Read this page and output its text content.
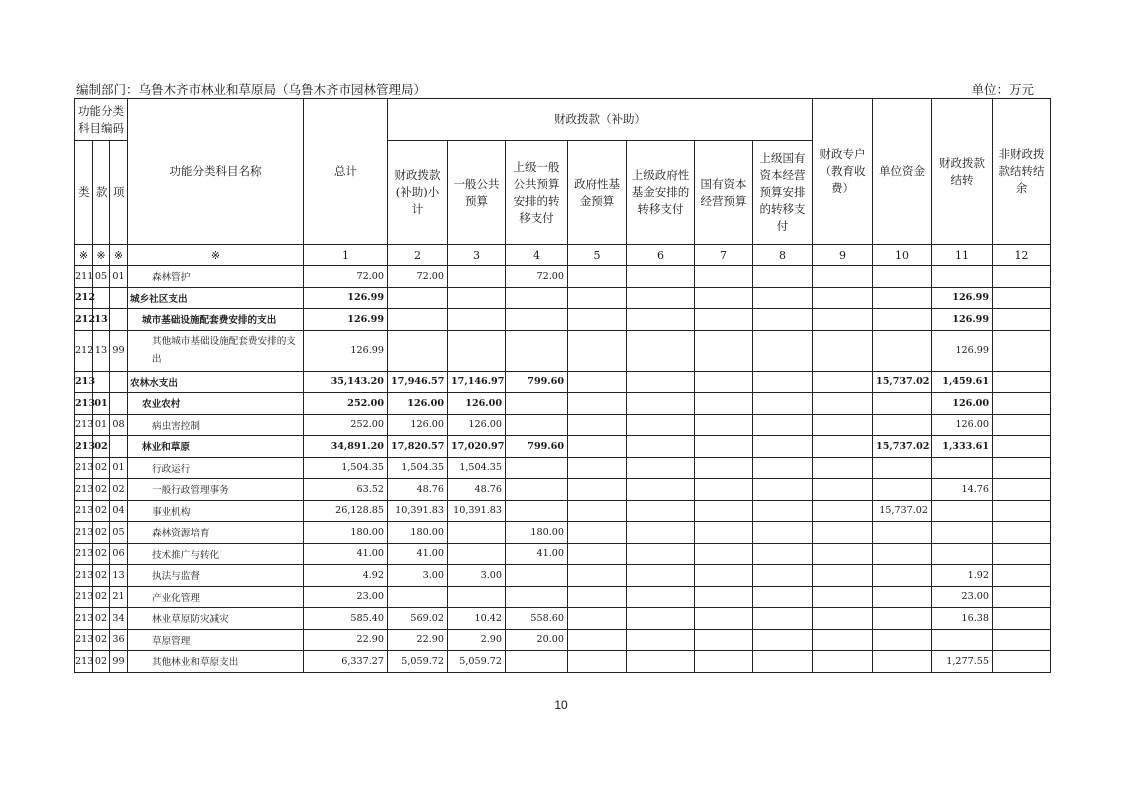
编制部门：乌鲁木齐市林业和草原局（乌鲁木齐市园林管理局）	单位：万元
功能分类科目编码			功能分类科目名称	总计	财政拨款（补助）							财政专户（教育收费）	单位资金	财政拨款结转	非财政拨款结转结余
类	款	项			财政拨款(补助)小计	一般公共预算	上级一般公共预算安排的转移支付	政府性基金预算	上级政府性基金安排的转移支付	国有资本经营预算	上级国有资本经营预算安排的转移支付				
※	※	※	※	1	2	3	4	5	6	7	8	9	10	11	12
211	05	01	森林管护	72.00	72.00		72.00								
212			城乡社区支出	126.99										126.99	
212	13		城市基础设施配套费安排的支出	126.99										126.99	
212	13	99	其他城市基础设施配套费安排的支出	126.99										126.99	
213			农林水支出	35,143.20	17,946.57	17,146.97	799.60						15,737.02	1,459.61	
213	01		农业农村	252.00	126.00	126.00								126.00	
213	01	08	病虫害控制	252.00	126.00	126.00								126.00	
213	02		林业和草原	34,891.20	17,820.57	17,020.97	799.60						15,737.02	1,333.61	
213	02	01	行政运行	1,504.35	1,504.35	1,504.35									
213	02	02	一般行政管理事务	63.52	48.76	48.76								14.76	
213	02	04	事业机构	26,128.85	10,391.83	10,391.83							15,737.02		
213	02	05	森林资源培育	180.00	180.00		180.00								
213	02	06	技术推广与转化	41.00	41.00		41.00								
213	02	13	执法与监督	4.92	3.00	3.00								1.92	
213	02	21	产业化管理	23.00										23.00	
213	02	34	林业草原防灾减灾	585.40	569.02	10.42	558.60							16.38	
213	02	36	草原管理	22.90	22.90	2.90	20.00								
213	02	99	其他林业和草原支出	6,337.27	5,059.72	5,059.72								1,277.55	
10
